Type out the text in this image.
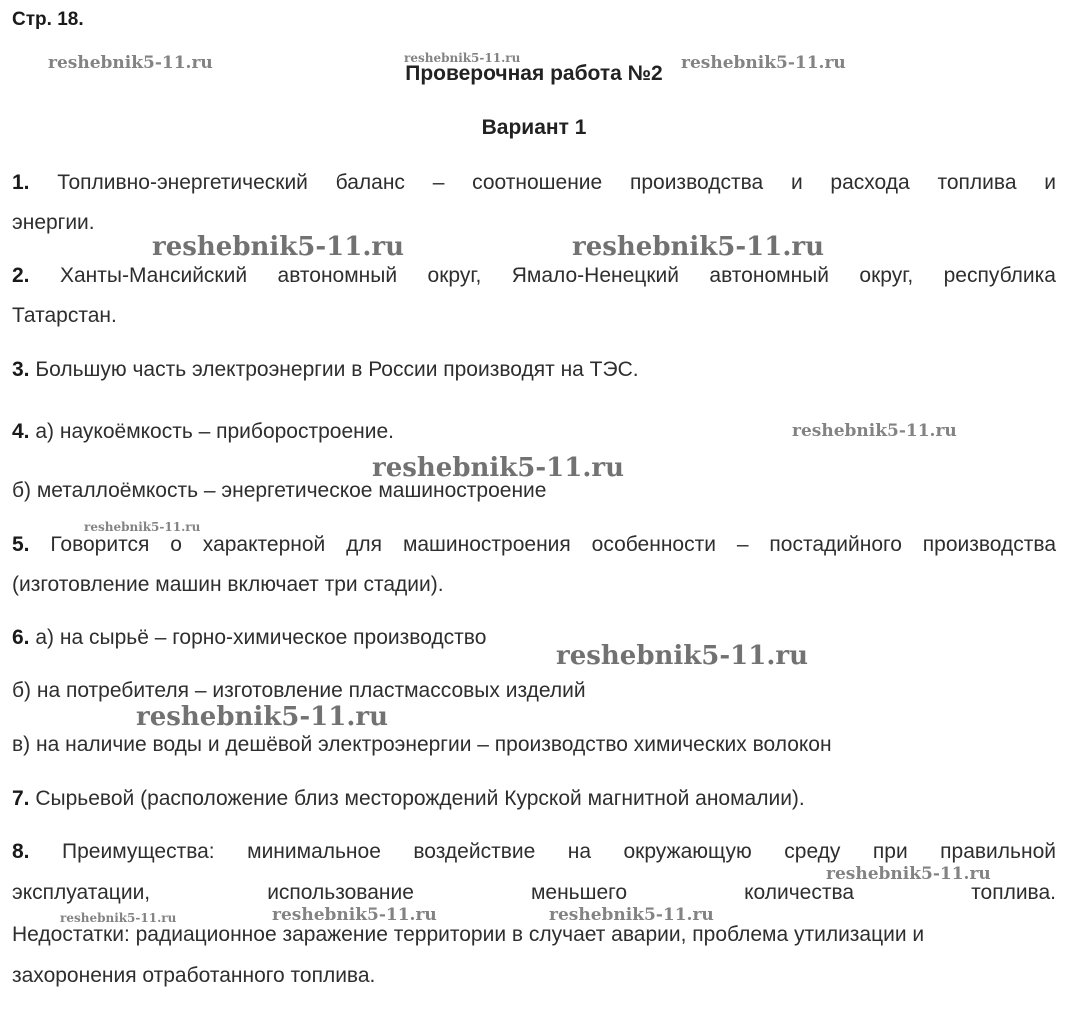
Стр. 18.
Проверочная работа №2
Вариант 1
1. Топливно-энергетический баланс – соотношение производства и расхода топлива и
энергии.
2. Ханты-Мансийский автономный округ, Ямало-Ненецкий автономный округ, республика
Татарстан.
3. Большую часть электроэнергии в России производят на ТЭС.
4. а) наукоёмкость – приборостроение.
б) металлоёмкость – энергетическое машиностроение
5. Говорится о характерной для машиностроения особенности – постадийного производства
(изготовление машин включает три стадии).
6. а) на сырьё – горно-химическое производство
б) на потребителя – изготовление пластмассовых изделий
в) на наличие воды и дешёвой электроэнергии – производство химических волокон
7. Сырьевой (расположение близ месторождений Курской магнитной аномалии).
8. Преимущества: минимальное воздействие на окружающую среду при правильной
эксплуатации, использование меньшего количества топлива.
Недостатки: радиационное заражение территории в случает аварии, проблема утилизации и
захоронения отработанного топлива.
reshebnik5-11.ru	reshebnik5-11.ru	reshebnik5-11.ru
reshebnik5-11.ru	reshebnik5-11.ru
reshebnik5-11.ru
reshebnik5-11.ru
reshebnik5-11.ru
reshebnik5-11.ru
reshebnik5-11.ru
reshebnik5-11.ru
reshebnik5-11.ru	reshebnik5-11.ru	reshebnik5-11.ru
